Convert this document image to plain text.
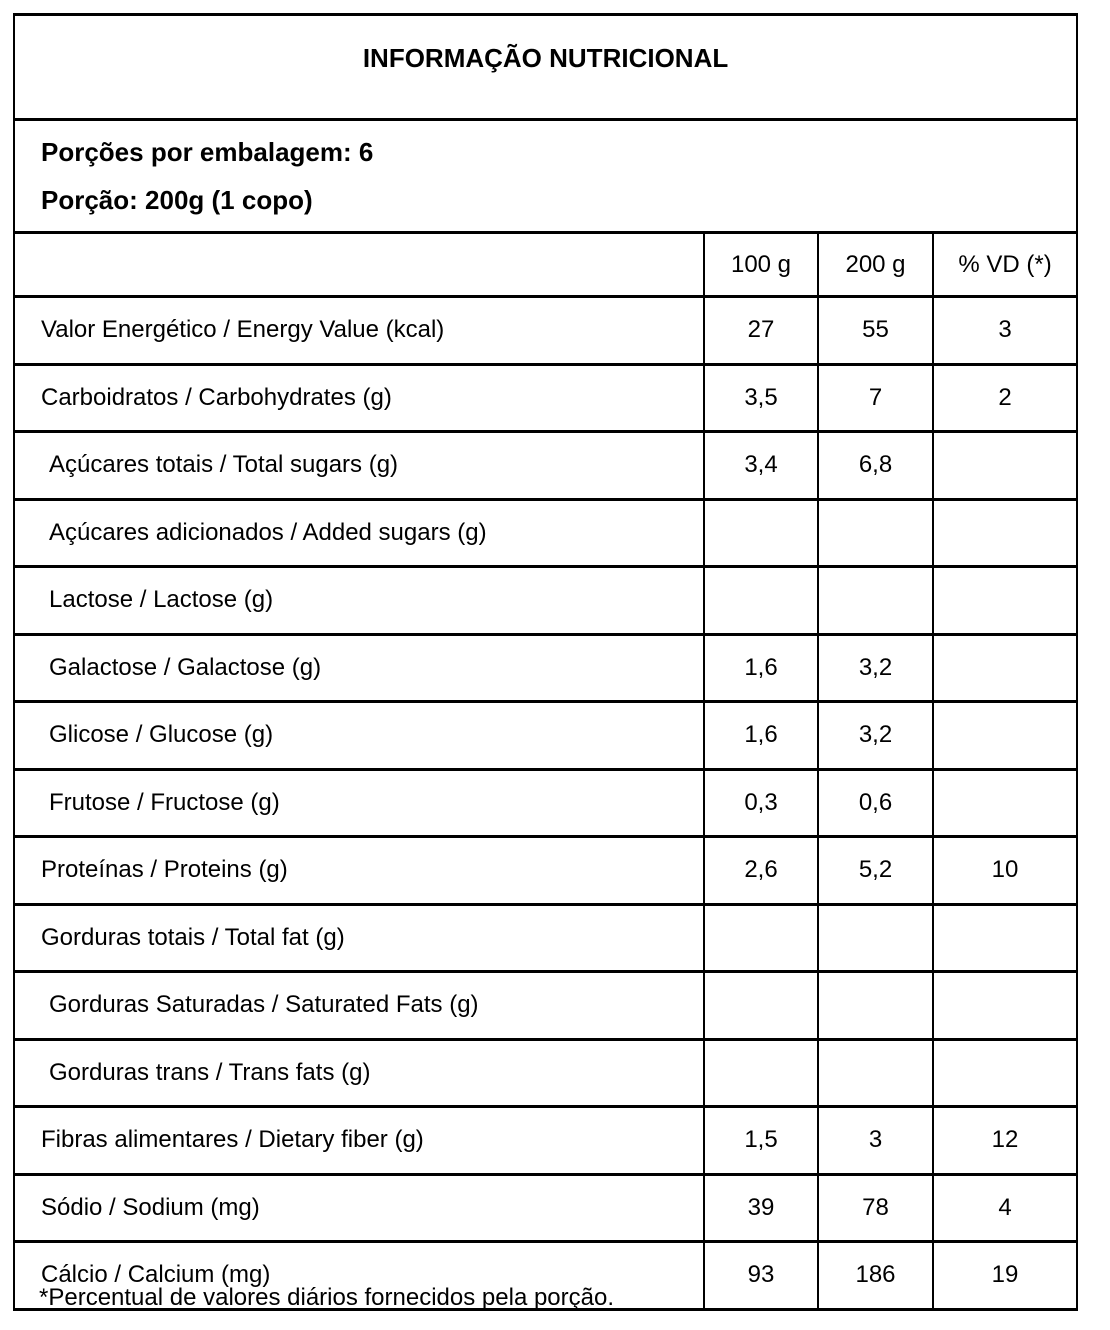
INFORMAÇÃO NUTRICIONAL			

Porções por embalagem: 6
Porção: 200g (1 copo)			

	100 g	200 g	% VD (*)
Valor Energético / Energy Value (kcal)	27	55	3
Carboidratos / Carbohydrates (g)	3,5	7	2
Açúcares totais / Total sugars (g)	3,4	6,8	
Açúcares adicionados / Added sugars (g)			
Lactose / Lactose (g)			
Galactose / Galactose (g)	1,6	3,2	
Glicose / Glucose (g)	1,6	3,2	
Frutose / Fructose (g)	0,3	0,6	
Proteínas / Proteins (g)	2,6	5,2	10
Gorduras totais / Total fat (g)			
Gorduras Saturadas / Saturated Fats (g)			
Gorduras trans / Trans fats (g)			
Fibras alimentares / Dietary fiber (g)	1,5	3	12
Sódio / Sodium (mg)	39	78	4
Cálcio / Calcium (mg)	93	186	19
*Percentual de valores diários fornecidos pela porção.
